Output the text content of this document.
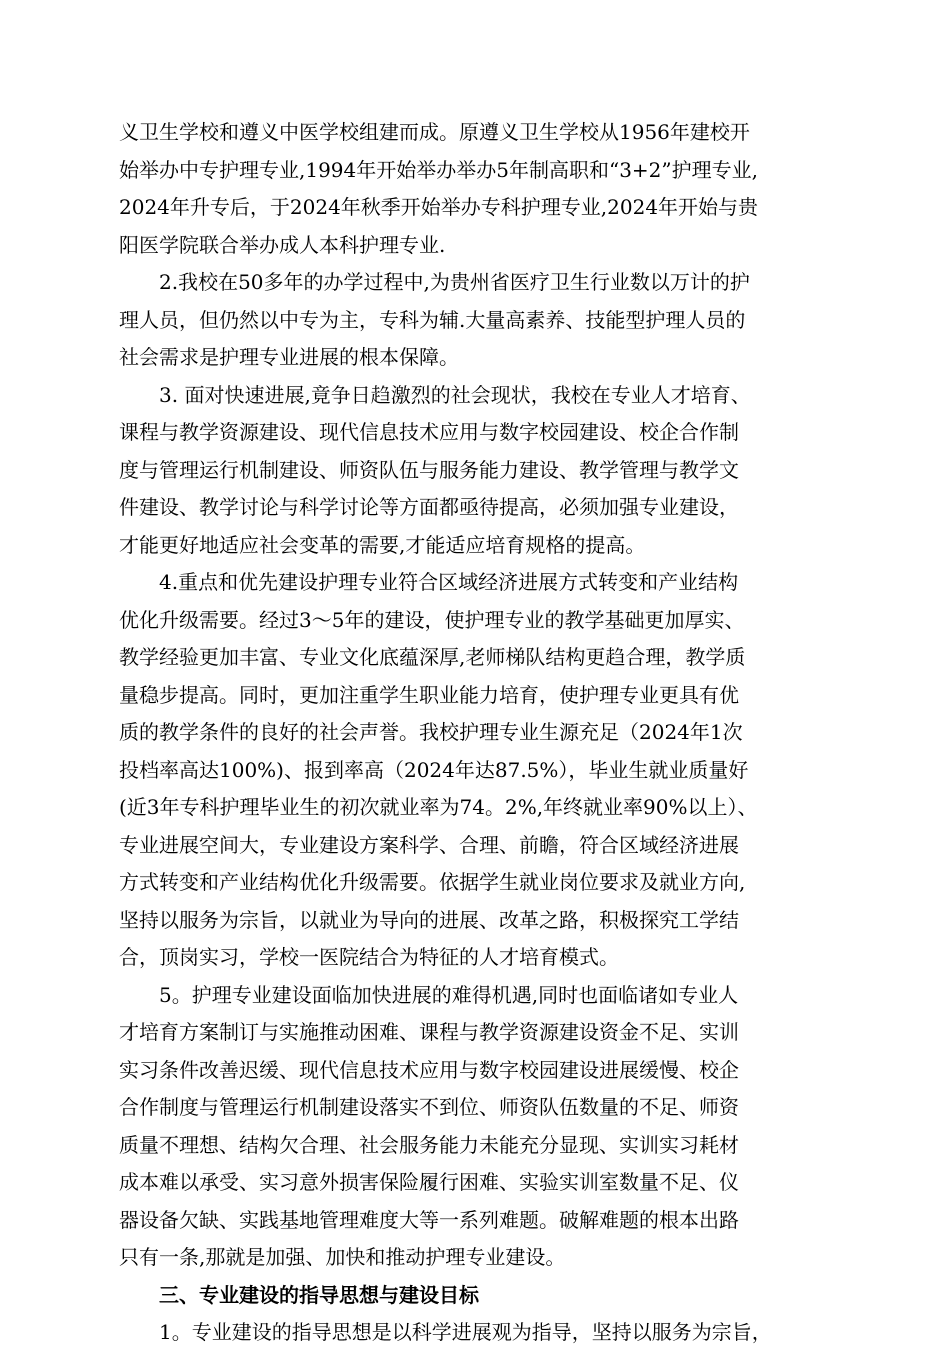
义卫生学校和遵义中医学校组建而成。原遵义卫生学校从1956年建校开
始举办中专护理专业,1994年开始举办举办5年制高职和“3+2”护理专业,
2024年升专后，于2024年秋季开始举办专科护理专业,2024年开始与贵
阳医学院联合举办成人本科护理专业.
2.我校在50多年的办学过程中,为贵州省医疗卫生行业数以万计的护
理人员，但仍然以中专为主，专科为辅.大量高素养、技能型护理人员的
社会需求是护理专业进展的根本保障。
3. 面对快速进展,竟争日趋激烈的社会现状，我校在专业人才培育、
课程与教学资源建设、现代信息技术应用与数字校园建设、校企合作制
度与管理运行机制建设、师资队伍与服务能力建设、教学管理与教学文
件建设、教学讨论与科学讨论等方面都亟待提高，必须加强专业建设，
才能更好地适应社会变革的需要,才能适应培育规格的提高。
4.重点和优先建设护理专业符合区域经济进展方式转变和产业结构
优化升级需要。经过3～5年的建设，使护理专业的教学基础更加厚实、
教学经验更加丰富、专业文化底蕴深厚,老师梯队结构更趋合理，教学质
量稳步提高。同时，更加注重学生职业能力培育，使护理专业更具有优
质的教学条件的良好的社会声誉。我校护理专业生源充足（2024年1次
投档率高达100%)、报到率高（2024年达87.5%），毕业生就业质量好
(近3年专科护理毕业生的初次就业率为74。2%,年终就业率90%以上）、
专业进展空间大，专业建设方案科学、合理、前瞻，符合区域经济进展
方式转变和产业结构优化升级需要。依据学生就业岗位要求及就业方向,
坚持以服务为宗旨，以就业为导向的进展、改革之路，积极探究工学结
合，顶岗实习，学校一医院结合为特征的人才培育模式。
5。护理专业建设面临加快进展的难得机遇,同时也面临诸如专业人
才培育方案制订与实施推动困难、课程与教学资源建设资金不足、实训
实习条件改善迟缓、现代信息技术应用与数字校园建设进展缓慢、校企
合作制度与管理运行机制建设落实不到位、师资队伍数量的不足、师资
质量不理想、结构欠合理、社会服务能力未能充分显现、实训实习耗材
成本难以承受、实习意外损害保险履行困难、实验实训室数量不足、仪
器设备欠缺、实践基地管理难度大等一系列难题。破解难题的根本出路
只有一条,那就是加强、加快和推动护理专业建设。
三、专业建设的指导思想与建设目标
1。专业建设的指导思想是以科学进展观为指导，坚持以服务为宗旨，
